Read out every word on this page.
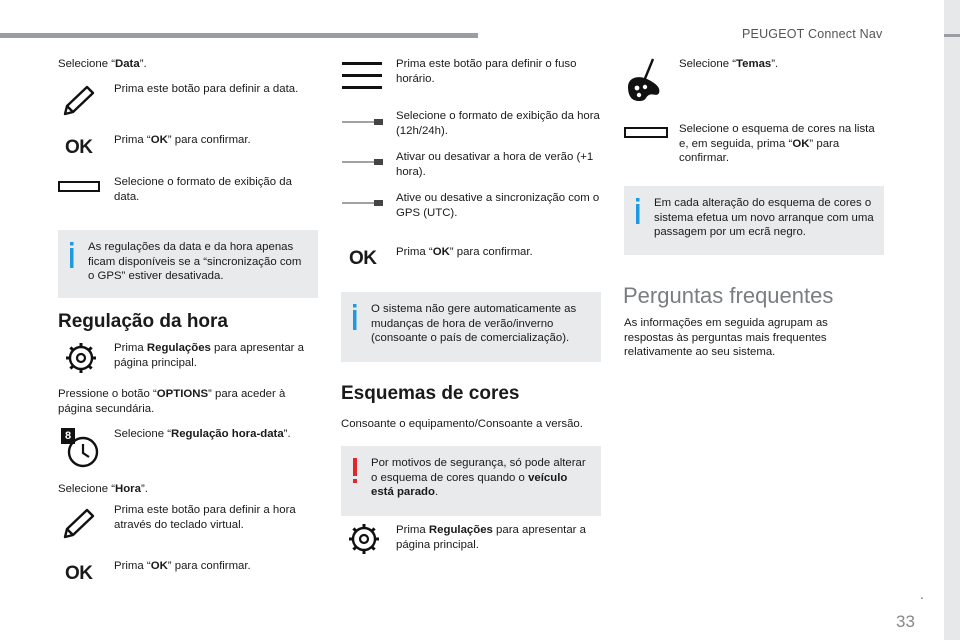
PEUGEOT Connect Nav
Selecione “Data”.
Prima este botão para definir a data.
OK Prima “OK” para confirmar.
Selecione o formato de exibição da data.
As regulações da data e da hora apenas ficam disponíveis se a “sincronização com o GPS” estiver desativada.
Regulação da hora
Prima Regulações para apresentar a página principal.
Pressione o botão “OPTIONS” para aceder à página secundária.
8	Selecione “Regulação hora-data”.
Selecione “Hora”.
Prima este botão para definir a hora através do teclado virtual.
OK Prima “OK” para confirmar.
Prima este botão para definir o fuso horário.
Selecione o formato de exibição da hora (12h/24h).
Ativar ou desativar a hora de verão (+1 hora).
Ative ou desative a sincronização com o GPS (UTC).
OK Prima “OK” para confirmar.
O sistema não gere automaticamente as mudanças de hora de verão/inverno (consoante o país de comercialização).
Esquemas de cores
Consoante o equipamento/Consoante a versão.
Por motivos de segurança, só pode alterar o esquema de cores quando o veículo está parado.
Prima Regulações para apresentar a página principal.
Selecione “Temas”.
Selecione o esquema de cores na lista e, em seguida, prima “OK” para confirmar.
Em cada alteração do esquema de cores o sistema efetua um novo arranque com uma passagem por um ecrã negro.
Perguntas frequentes
As informações em seguida agrupam as respostas às perguntas mais frequentes relativamente ao seu sistema.
.
33
